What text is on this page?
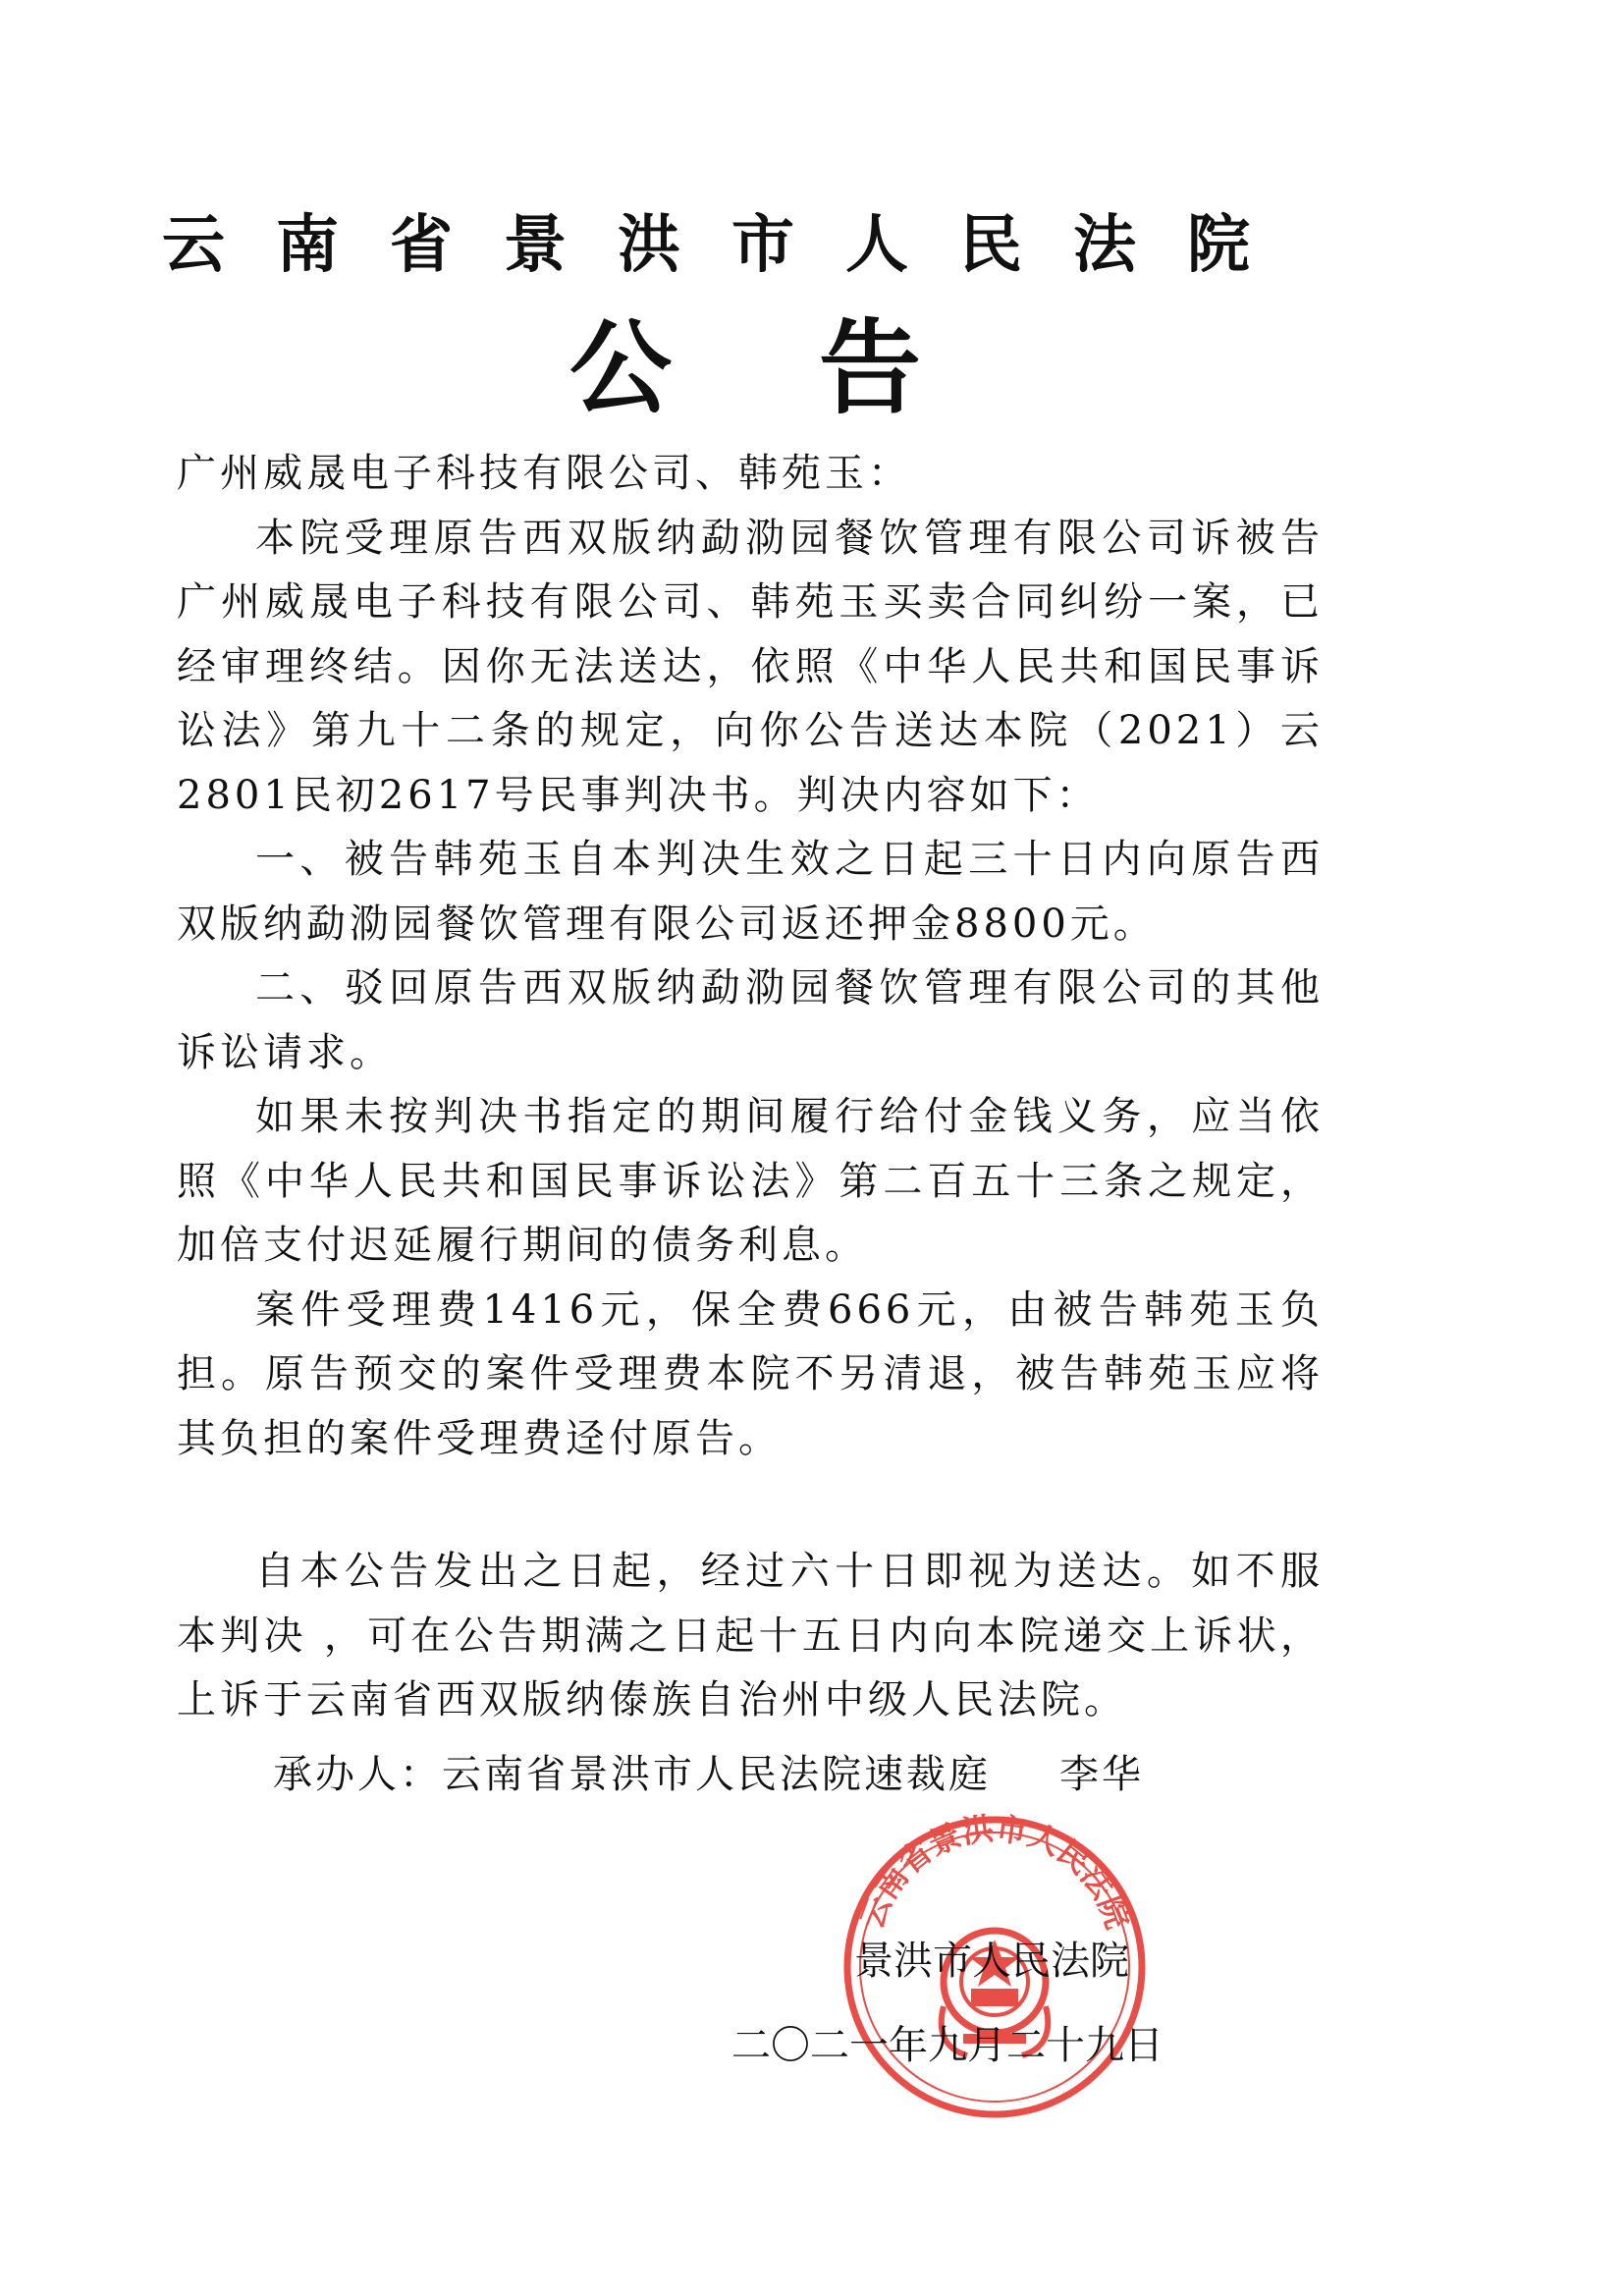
云南省景洪市人民法院
公告

广州威晟电子科技有限公司、韩苑玉：

本院受理原告西双版纳勐泐园餐饮管理有限公司诉被告广州威晟电子科技有限公司、韩苑玉买卖合同纠纷一案，已经审理终结。因你无法送达，依照《中华人民共和国民事诉讼法》第九十二条的规定，向你公告送达本院（2021）云2801民初2617号民事判决书。判决内容如下：

一、被告韩苑玉自本判决生效之日起三十日内向原告西双版纳勐泐园餐饮管理有限公司返还押金8800元。

二、驳回原告西双版纳勐泐园餐饮管理有限公司的其他诉讼请求。

如果未按判决书指定的期间履行给付金钱义务，应当依照《中华人民共和国民事诉讼法》第二百五十三条之规定，加倍支付迟延履行期间的债务利息。

案件受理费1416元，保全费666元，由被告韩苑玉负担。原告预交的案件受理费本院不另清退，被告韩苑玉应将其负担的案件受理费迳付原告。

自本公告发出之日起，经过六十日即视为送达。如不服本判决 ，可在公告期满之日起十五日内向本院递交上诉状，上诉于云南省西双版纳傣族自治州中级人民法院。

承办人：云南省景洪市人民法院速裁庭 李华
云南省景洪市人民法院
景洪市人民法院
二〇二一年九月二十九日
